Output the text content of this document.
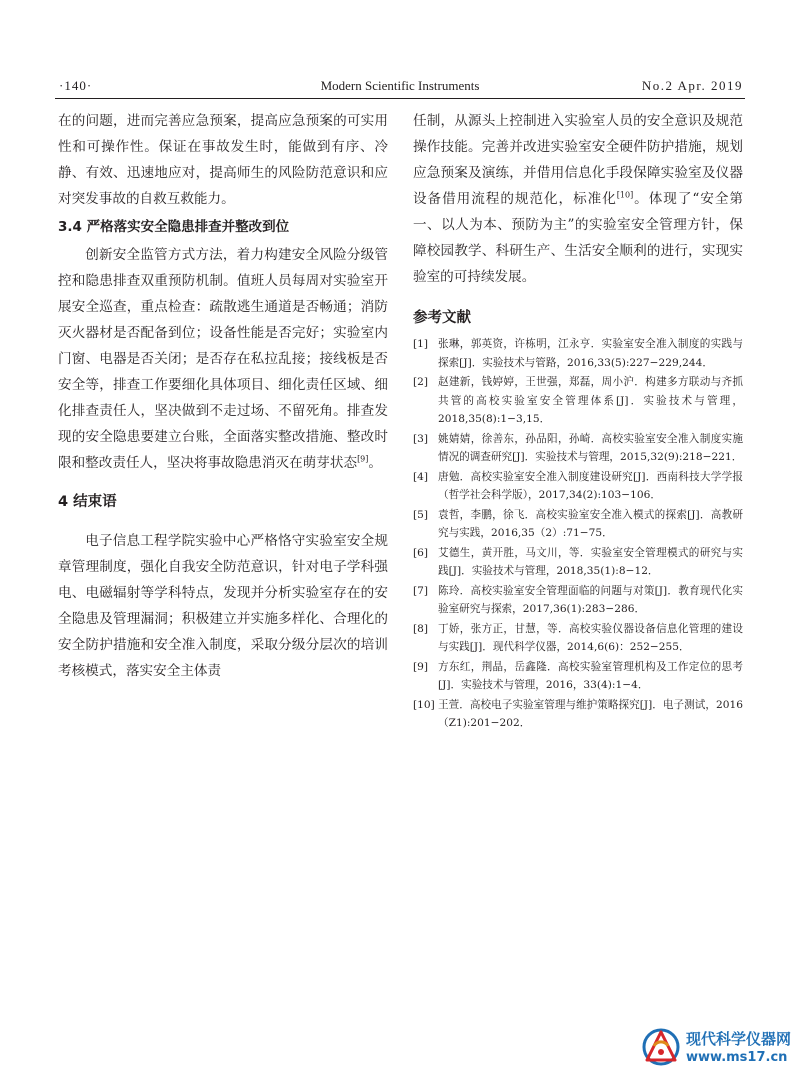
·140·	Modern Scientific Instruments	No.2 Apr. 2019

在的问题，进而完善应急预案，提高应急预案的可实用性和可操作性。保证在事故发生时，能做到有序、冷静、有效、迅速地应对，提高师生的风险防范意识和应对突发事故的自救互救能力。

3.4 严格落实安全隐患排查并整改到位

创新安全监管方式方法，着力构建安全风险分级管控和隐患排查双重预防机制。值班人员每周对实验室开展安全巡查，重点检查：疏散逃生通道是否畅通；消防灭火器材是否配备到位；设备性能是否完好；实验室内门窗、电器是否关闭；是否存在私拉乱接；接线板是否安全等，排查工作要细化具体项目、细化责任区域、细化排查责任人，坚决做到不走过场、不留死角。排查发现的安全隐患要建立台账，全面落实整改措施、整改时限和整改责任人，坚决将事故隐患消灭在萌芽状态[9]。

4 结束语

电子信息工程学院实验中心严格恪守实验室安全规章管理制度，强化自我安全防范意识，针对电子学科强电、电磁辐射等学科特点，发现并分析实验室存在的安全隐患及管理漏洞；积极建立并实施多样化、合理化的安全防护措施和安全准入制度，采取分级分层次的培训考核模式，落实安全主体责

任制，从源头上控制进入实验室人员的安全意识及规范操作技能。完善并改进实验室安全硬件防护措施，规划应急预案及演练，并借用信息化手段保障实验室及仪器设备借用流程的规范化，标准化[10]。体现了“安全第一、以人为本、预防为主”的实验室安全管理方针，保障校园教学、科研生产、生活安全顺利的进行，实现实验室的可持续发展。

参考文献
[1] 张琳，郭英资，许栋明，江永亨．实验室安全准入制度的实践与探索[J]．实验技术与管路，2016,33(5):227−229,244．
[2] 赵建新，钱婷婷，王世强，郑磊，周小沪．构建多方联动与齐抓共管的高校实验室安全管理体系[J]．实验技术与管理，2018,35(8):1−3,15．
[3] 姚婧婧，徐善东，孙品阳，孙崎．高校实验室安全准入制度实施情况的调查研究[J]．实验技术与管理，2015,32(9):218−221．
[4] 唐勉．高校实验室安全准入制度建设研究[J]．西南科技大学学报（哲学社会科学版），2017,34(2):103−106．
[5] 袁哲，李鹏，徐飞．高校实验室安全准入模式的探索[J]．高教研究与实践，2016,35（2）:71−75．
[6] 艾德生，黄开胜，马文川，等．实验室安全管理模式的研究与实践[J]．实验技术与管理，2018,35(1):8−12．
[7] 陈玲．高校实验室安全管理面临的问题与对策[J]．教育现代化实验室研究与探索，2017,36(1):283−286．
[8] 丁娇，张方正，甘慧，等．高校实验仪器设备信息化管理的建设与实践[J]．现代科学仪器，2014,6(6)：252−255．
[9] 方东红，荆晶，岳鑫隆．高校实验室管理机构及工作定位的思考[J]．实验技术与管理，2016，33(4):1−4．
[10] 王萱．高校电子实验室管理与维护策略探究[J]．电子测试，2016（Z1):201−202．
现代科学仪器网
www.ms17.cn
